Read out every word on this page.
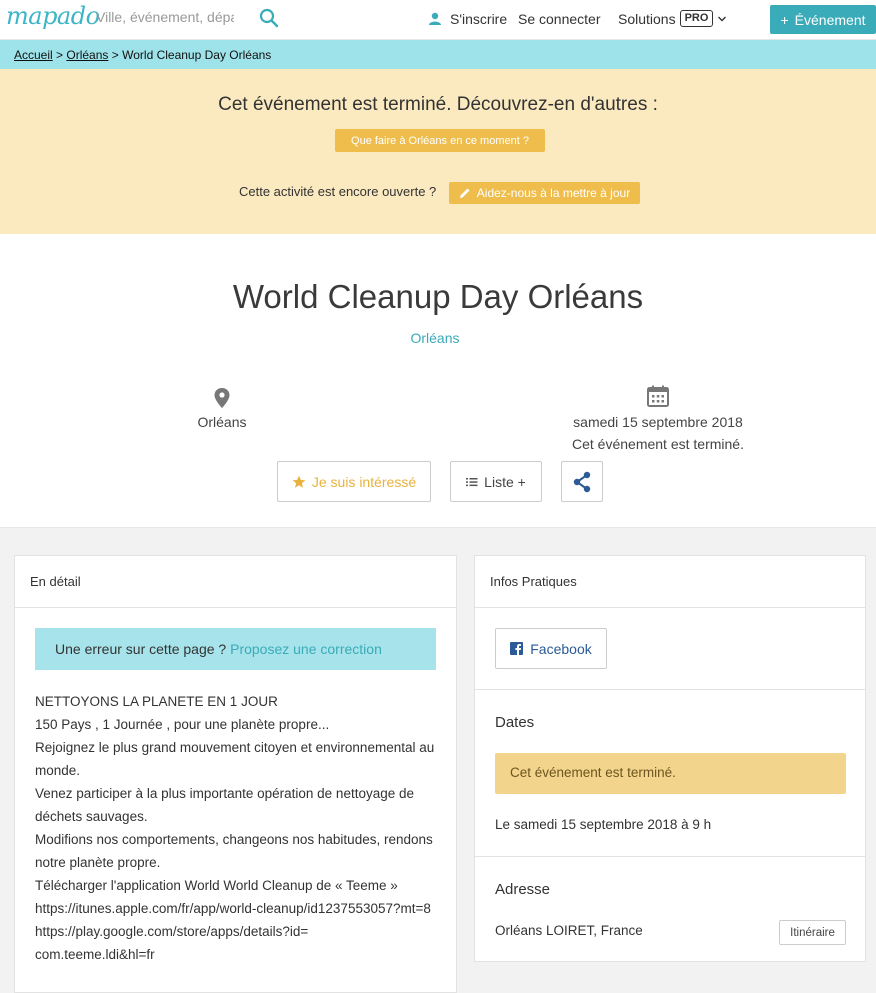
mapado
Ville, événement, dépa	S'inscrire Se connecter Solutions PRO	+ Événement
Accueil > Orléans > World Cleanup Day Orléans
Cet événement est terminé. Découvrez-en d'autres :
Que faire à Orléans en ce moment ?
Cette activité est encore ouverte ?	Aidez-nous à la mettre à jour
World Cleanup Day Orléans
Orléans
Orléans	samedi 15 septembre 2018
Cet événement est terminé.
Je suis intéressé	Liste +
En détail
Une erreur sur cette page ? Proposez une correction

NETTOYONS LA PLANETE EN 1 JOUR

150 Pays , 1 Journée , pour une planète propre...

Rejoignez le plus grand mouvement citoyen et environnemental au monde.

Venez participer à la plus importante opération de nettoyage de déchets sauvages.

Modifions nos comportements, changeons nos habitudes, rendons notre planète propre.

Télécharger l'application World World Cleanup de « Teeme »

https://itunes.apple.com/fr/app/world-cleanup/id1237553057?mt=8

https://play.google.com/store/apps/details?id=com.teeme.ldi&hl=fr

Infos Pratiques
Facebook
Dates
Cet événement est terminé.
Le samedi 15 septembre 2018 à 9 h
Adresse
Orléans LOIRET, France	Itinéraire
